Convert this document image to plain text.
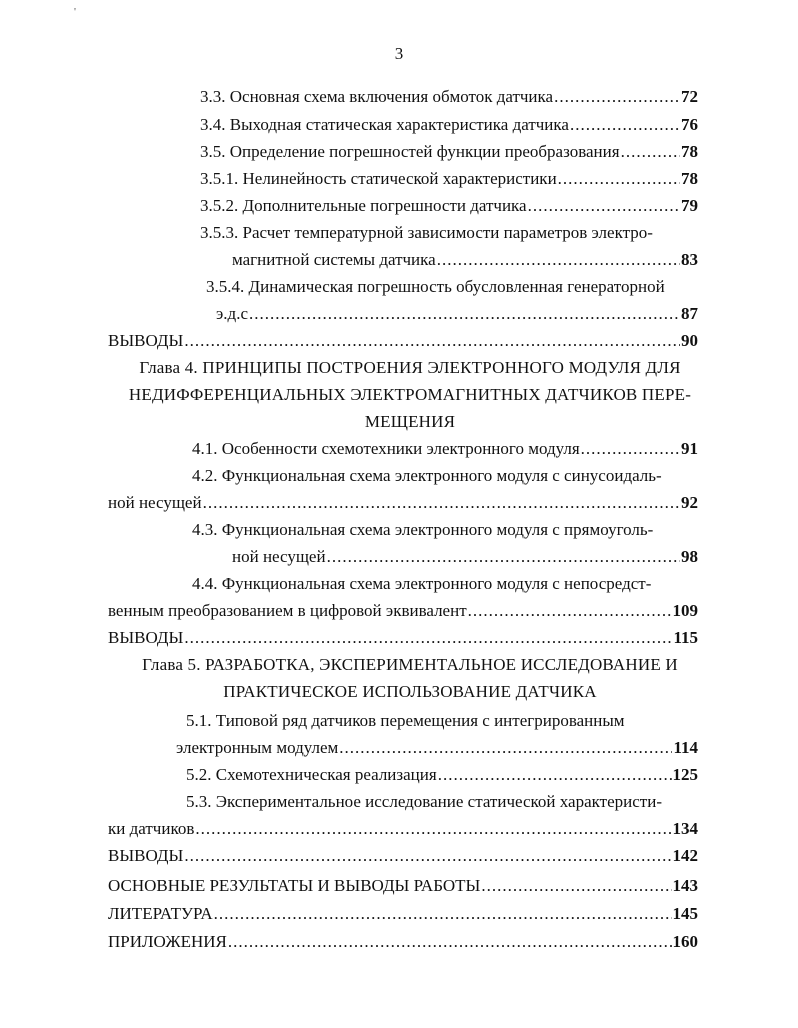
'
3
3.3. Основная схема включения обмоток датчика .....	72
3.4. Выходная статическая характеристика датчика .....	76
3.5. Определение погрешностей функции преобразования .....	78
3.5.1. Нелинейность статической характеристики .....	78
3.5.2. Дополнительные погрешности датчика .....	79
3.5.3. Расчет температурной зависимости параметров электро-
магнитной системы датчика .....	83
3.5.4. Динамическая погрешность обусловленная генераторной
э.д.с .....	87
ВЫВОДЫ .....	90
Глава 4. ПРИНЦИПЫ ПОСТРОЕНИЯ ЭЛЕКТРОННОГО МОДУЛЯ ДЛЯ
НЕДИФФЕРЕНЦИАЛЬНЫХ ЭЛЕКТРОМАГНИТНЫХ ДАТЧИКОВ ПЕРЕ-
МЕЩЕНИЯ
4.1. Особенности схемотехники электронного модуля .....	91
4.2. Функциональная схема электронного модуля с синусоидаль-
ной несущей .....	92
4.3. Функциональная схема электронного модуля с прямоуголь-
ной несущей .....	98
4.4. Функциональная схема электронного модуля с непосредст-
венным преобразованием в цифровой эквивалент .....	109
ВЫВОДЫ .....	115
Глава 5. РАЗРАБОТКА, ЭКСПЕРИМЕНТАЛЬНОЕ ИССЛЕДОВАНИЕ И
ПРАКТИЧЕСКОЕ ИСПОЛЬЗОВАНИЕ ДАТЧИКА
5.1. Типовой ряд датчиков перемещения с интегрированным
электронным модулем .....	114
5.2. Схемотехническая реализация .....	125
5.3. Экспериментальное исследование статической характеристи-
ки датчиков .....	134
ВЫВОДЫ .....	142
ОСНОВНЫЕ РЕЗУЛЬТАТЫ И ВЫВОДЫ РАБОТЫ .....	143
ЛИТЕРАТУРА .....	145
ПРИЛОЖЕНИЯ .....	160
